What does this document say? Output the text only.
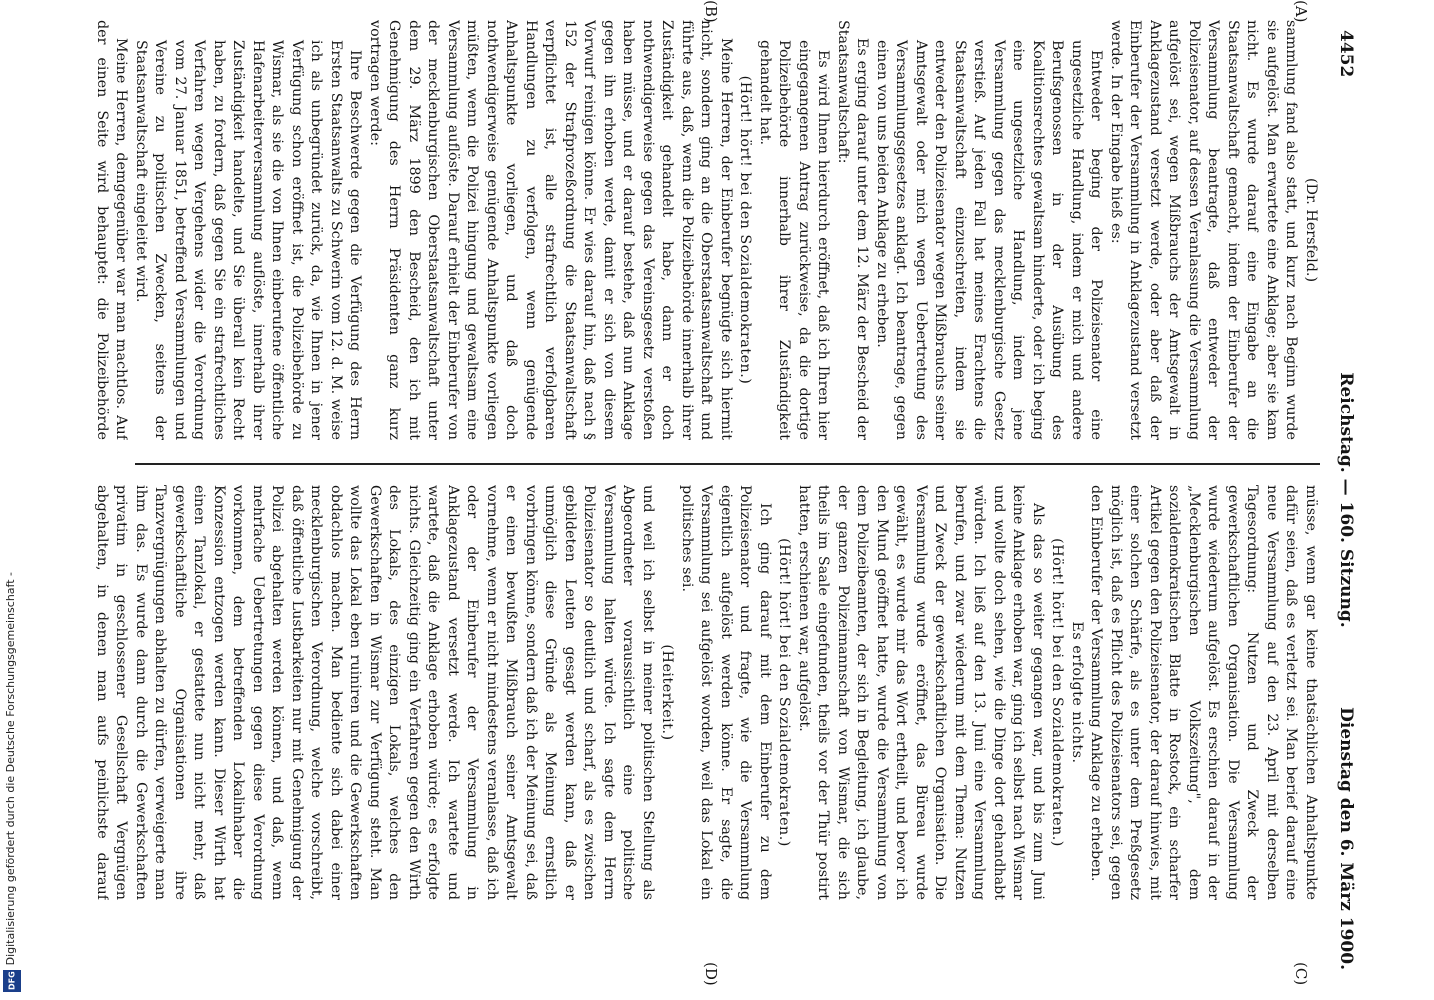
4452
Reichstag. — 160. Sitzung.
Dienstag den 6. März 1900.
(A)
(B)
(C)
(D)

(Dr. Hersfeld.)

sammlung fand also statt, und kurz nach Beginn wurde sie aufgelöst. Man erwartete eine Anklage; aber sie kam nicht. Es wurde darauf eine Eingabe an die Staatsanwaltschaft gemacht, indem der Einberufer der Versammlung beantragte, daß entweder der Polizeisenator, auf dessen Veranlassung die Versammlung aufgelöst sei, wegen Mißbrauchs der Amtsgewalt in Anklagezustand versetzt werde, oder aber daß der Einberufer der Versammlung in Anklagezustand versetzt werde. In der Eingabe hieß es:

Entweder beging der Polizeisenator eine ungesetzliche Handlung, indem er mich und andere Berufsgenossen in der Ausübung des Koalitionsrechtes gewaltsam hinderte, oder ich beging eine ungesetzliche Handlung, indem jene Versammlung gegen das mecklenburgische Gesetz verstieß. Auf jeden Fall hat meines Erachtens die Staatsanwaltschaft einzuschreiten, indem sie entweder den Polizeisenator wegen Mißbrauchs seiner Amtsgewalt oder mich wegen Uebertretung des Versammlungsgesetzes anklagt. Ich beantrage, gegen einen von uns beiden Anklage zu erheben.

Es erging darauf unter dem 12. März der Bescheid der Staatsanwaltschaft:

Es wird Ihnen hierdurch eröffnet, daß ich Ihren hier eingegangenen Antrag zurückweise, da die dortige Polizeibehörde innerhalb ihrer Zuständigkeit gehandelt hat.

(Hört! hört! bei den Sozialdemokraten.)

Meine Herren, der Einberufer begnügte sich hiermit nicht, sondern ging an die Oberstaatsanwaltschaft und führte aus, daß, wenn die Polizeibehörde innerhalb ihrer Zuständigkeit gehandelt habe, dann er doch nothwendigerweise gegen das Vereinsgesetz verstoßen haben müsse, und er darauf bestehe, daß nun Anklage gegen ihn erhoben werde, damit er sich von diesem Vorwurf reinigen könne. Er wies darauf hin, daß nach § 152 der Strafprozeßordnung die Staatsanwaltschaft verpflichtet ist, alle strafrechtlich verfolgbaren Handlungen zu verfolgen, wenn genügende Anhaltspunkte vorliegen, und daß doch nothwendigerweise genügende Anhaltspunkte vorliegen müßten, wenn die Polizei hingung und gewaltsam eine Versammlung auflöste. Darauf erhielt der Einberufer von der mecklenburgischen Oberstaatsanwaltschaft unter dem 29. März 1899 den Bescheid, den ich mit Genehmigung des Herrn Präsidenten ganz kurz vortragen werde:

Ihre Beschwerde gegen die Verfügung des Herrn Ersten Staatsanwalts zu Schwerin vom 12. d. M. weise ich als unbegründet zurück, da, wie Ihnen in jener Verfügung schon eröffnet ist, die Polizeibehörde zu Wismar, als sie die von Ihnen einberufene öffentliche Hafenarbeiterversammlung auflöste, innerhalb ihrer Zuständigkeit handelte, und Sie überall kein Recht haben, zu fordern, daß gegen Sie ein strafrechtliches Verfahren wegen Vergehens wider die Verordnung vom 27. Januar 1851, betreffend Versammlungen und Vereine zu politischen Zwecken, seitens der Staatsanwaltschaft eingeleitet wird.

Meine Herren, demgegenüber war man machtlos. Auf der einen Seite wird behauptet: die Polizeibehörde

müsse, wenn gar keine thatsächlichen Anhaltspunkte dafür seien, daß es verletzt sei. Man berief darauf eine neue Versammlung auf den 23. April mit derselben Tagesordnung: Nutzen und Zweck der gewerkschaftlichen Organisation. Die Versammlung wurde wiederum aufgelöst. Es erschien darauf in der „Mecklenburgischen Volkszeitung", dem sozialdemokratischen Blatte in Rostock, ein scharfer Artikel gegen den Polizeisenator, der darauf hinwies, mit einer solchen Schärfe, als es unter dem Preßgesetz möglich ist, daß es Pflicht des Polizeisenators sei, gegen den Einberufer der Versammlung Anklage zu erheben.

Es erfolgte nichts.

(Hört! hört! bei den Sozialdemokraten.)

Als das so weiter gegangen war, und bis zum Juni keine Anklage erhoben war, ging ich selbst nach Wismar und wollte doch sehen, wie die Dinge dort gehandhabt würden. Ich ließ auf den 13. Juni eine Versammlung berufen, und zwar wiederum mit dem Thema: Nutzen und Zweck der gewerkschaftlichen Organisation. Die Versammlung wurde eröffnet, das Büreau wurde gewählt, es wurde mir das Wort ertheilt, und bevor ich den Mund geöffnet hatte, wurde die Versammlung von dem Polizeibeamten, der sich in Begleitung, ich glaube, der ganzen Polizeimannschaft von Wismar, die sich theils im Saale eingefunden, theils vor der Thür postirt hatten, erschienen war, aufgelöst.

(Hört! hört! bei den Sozialdemokraten.)

Ich ging darauf mit dem Einberufer zu dem Polizeisenator und fragte, wie die Versammlung eigentlich aufgelöst werden könne. Er sagte, die Versammlung sei aufgelöst worden, weil das Lokal ein politisches sei.

(Heiterkeit.)

und weil ich selbst in meiner politischen Stellung als Abgeordneter voraussichtlich eine politische Versammlung halten würde. Ich sagte dem Herrn Polizeisenator so deutlich und scharf, als es zwischen gebildeten Leuten gesagt werden kann, daß er unmöglich diese Gründe als Meinung ernstlich vorbringen könne, sondern daß ich der Meinung sei, daß er einen bewußten Mißbrauch seiner Amtsgewalt vornehme, wenn er nicht mindestens veranlasse, daß ich oder der Einberufer der Versammlung in Anklagezustand versetzt werde. Ich wartete und wartete, daß die Anklage erhoben würde; es erfolgte nichts. Gleichzeitig ging ein Verfahren gegen den Wirth des Lokals, des einzigen Lokals, welches den Gewerkschaften in Wismar zur Verfügung steht. Man wollte das Lokal eben ruiniren und die Gewerkschaften obdachlos machen. Man bediente sich dabei einer mecklenburgischen Verordnung, welche vorschreibt, daß öffentliche Lustbarkeiten nur mit Genehmigung der Polizei abgehalten werden können, und daß, wenn mehrfache Uebertretungen gegen diese Verordnung vorkommen, dem betreffenden Lokalinhaber die Konzession entzogen werden kann. Dieser Wirth hat einen Tanzlokal, er gestattete nun nicht mehr, daß gewerkschaftliche Organisationen ihre Tanzvergnügungen abhalten zu dürfen, verweigerte man ihm das. Es wurde dann durch die Gewerkschaften privatim in geschlossener Gesellschaft Vergnügen abgehalten, in denen man aufs peinlichste darauf

Digitalisierung gefördert durch die Deutsche Forschungsgemeinschaft -
DFG
